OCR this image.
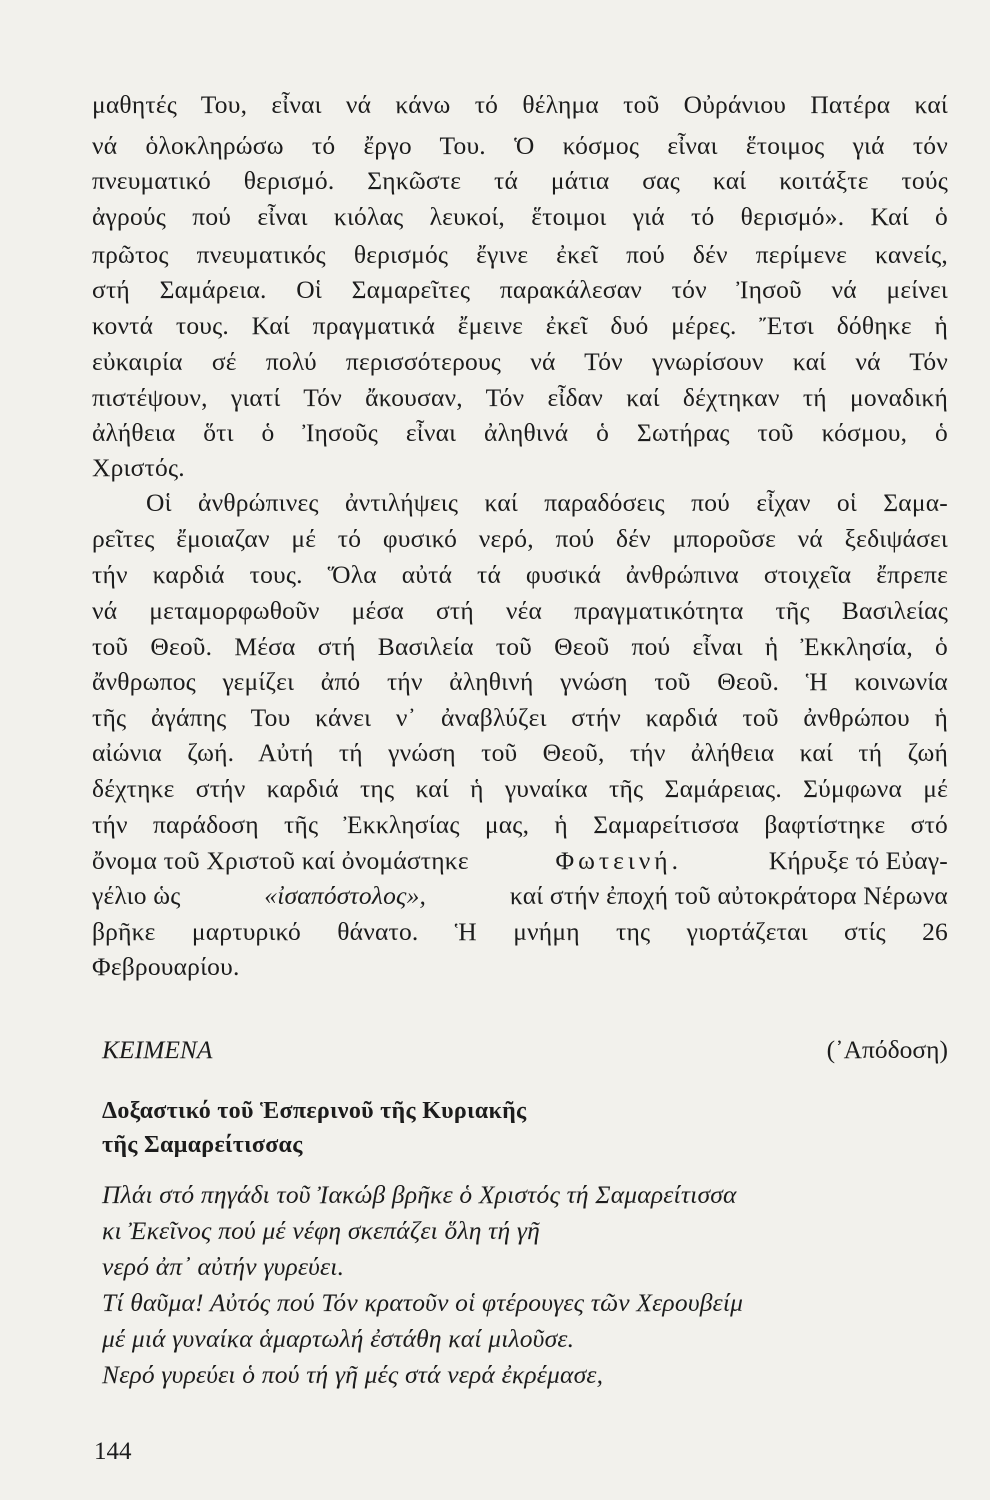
μαθητές Του, εἶναι νά κάνω τό θέλημα τοῦ Οὐράνιου Πατέρα καί
νά ὁλοκληρώσω τό ἔργο Του. Ὁ κόσμος εἶναι ἕτοιμος γιά τόν
πνευματικό θερισμό. Σηκῶστε τά μάτια σας καί κοιτάξτε τούς
ἀγρούς πού εἶναι κιόλας λευκοί, ἕτοιμοι γιά τό θερισμό». Καί ὁ
πρῶτος πνευματικός θερισμός ἔγινε ἐκεῖ πού δέν περίμενε κανείς,
στή Σαμάρεια. Οἱ Σαμαρεῖτες παρακάλεσαν τόν Ἰησοῦ νά μείνει
κοντά τους. Καί πραγματικά ἔμεινε ἐκεῖ δυό μέρες. Ἔτσι δόθηκε ἡ
εὐκαιρία σέ πολύ περισσότερους νά Τόν γνωρίσουν καί νά Τόν
πιστέψουν, γιατί Τόν ἄκουσαν, Τόν εἶδαν καί δέχτηκαν τή μοναδική
ἀλήθεια ὅτι ὁ Ἰησοῦς εἶναι ἀληθινά ὁ Σωτήρας τοῦ κόσμου, ὁ
Χριστός.
Οἱ ἀνθρώπινες ἀντιλήψεις καί παραδόσεις πού εἶχαν οἱ Σαμα-
ρεῖτες ἔμοιαζαν μέ τό φυσικό νερό, πού δέν μποροῦσε νά ξεδιψάσει
τήν καρδιά τους. Ὅλα αὐτά τά φυσικά ἀνθρώπινα στοιχεῖα ἔπρεπε
νά μεταμορφωθοῦν μέσα στή νέα πραγματικότητα τῆς Βασιλείας
τοῦ Θεοῦ. Μέσα στή Βασιλεία τοῦ Θεοῦ πού εἶναι ἡ Ἐκκλησία, ὁ
ἄνθρωπος γεμίζει ἀπό τήν ἀληθινή γνώση τοῦ Θεοῦ. Ἡ κοινωνία
τῆς ἀγάπης Του κάνει ν᾽ ἀναβλύζει στήν καρδιά τοῦ ἀνθρώπου ἡ
αἰώνια ζωή. Αὐτή τή γνώση τοῦ Θεοῦ, τήν ἀλήθεια καί τή ζωή
δέχτηκε στήν καρδιά της καί ἡ γυναίκα τῆς Σαμάρειας. Σύμφωνα μέ
τήν παράδοση τῆς Ἐκκλησίας μας, ἡ Σαμαρείτισσα βαφτίστηκε στό
ὄνομα τοῦ Χριστοῦ καί ὀνομάστηκε	Φωτεινή.	Κήρυξε τό Εὐαγ-
γέλιο ὡς	«ἰσαπόστολος»,	καί στήν ἐποχή τοῦ αὐτοκράτορα Νέρωνα
βρῆκε μαρτυρικό θάνατο. Ἡ μνήμη της γιορτάζεται στίς 26
Φεβρουαρίου.
ΚΕΙΜΕΝΑ	(᾽Απόδοση)
Δοξαστικό τοῦ Ἑσπερινοῦ τῆς Κυριακῆς
τῆς Σαμαρείτισσας
Πλάι στό πηγάδι τοῦ Ἰακώβ βρῆκε ὁ Χριστός τή Σαμαρείτισσα
κι Ἐκεῖνος πού μέ νέφη σκεπάζει ὅλη τή γῆ
νερό ἀπ᾽ αὐτήν γυρεύει.
Τί θαῦμα! Αὐτός πού Τόν κρατοῦν οἱ φτέρουγες τῶν Χερουβείμ
μέ μιά γυναίκα ἁμαρτωλή ἐστάθη καί μιλοῦσε.
Νερό γυρεύει ὁ πού τή γῆ μές στά νερά ἐκρέμασε,
144
